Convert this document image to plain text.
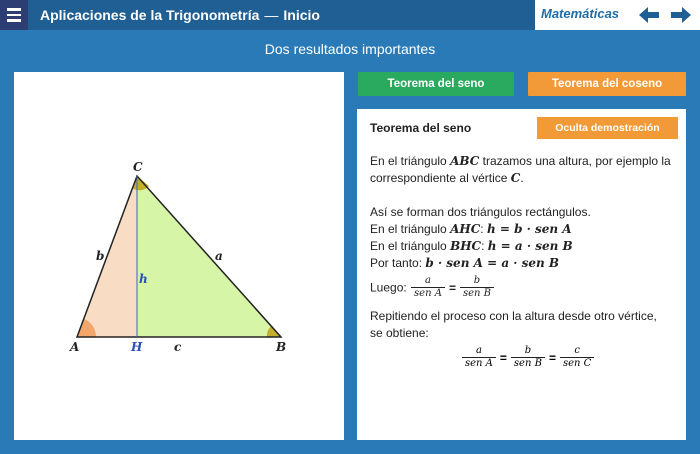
Aplicaciones de la Trigonometría — Inicio	Matemáticas
Dos resultados importantes
C
A	B
H
b	a
c
h
Teorema del seno	Teorema del coseno
Teorema del seno	Oculta demostración
En el triángulo ABC trazamos una altura, por ejemplo la
correspondiente al vértice C.
Así se forman dos triángulos rectángulos.
En el triángulo AHC: h = b · sen A
En el triángulo BHC: h = a · sen B
Por tanto: b · sen A = a · sen B
Luego: $\frac{a}{\text{sen A}} = \frac{b}{\text{sen B}}$
Repitiendo el proceso con la altura desde otro vértice,
se obtiene:
$\frac{a}{\text{sen A}} = \frac{b}{\text{sen B}} = \frac{c}{\text{sen C}}$
